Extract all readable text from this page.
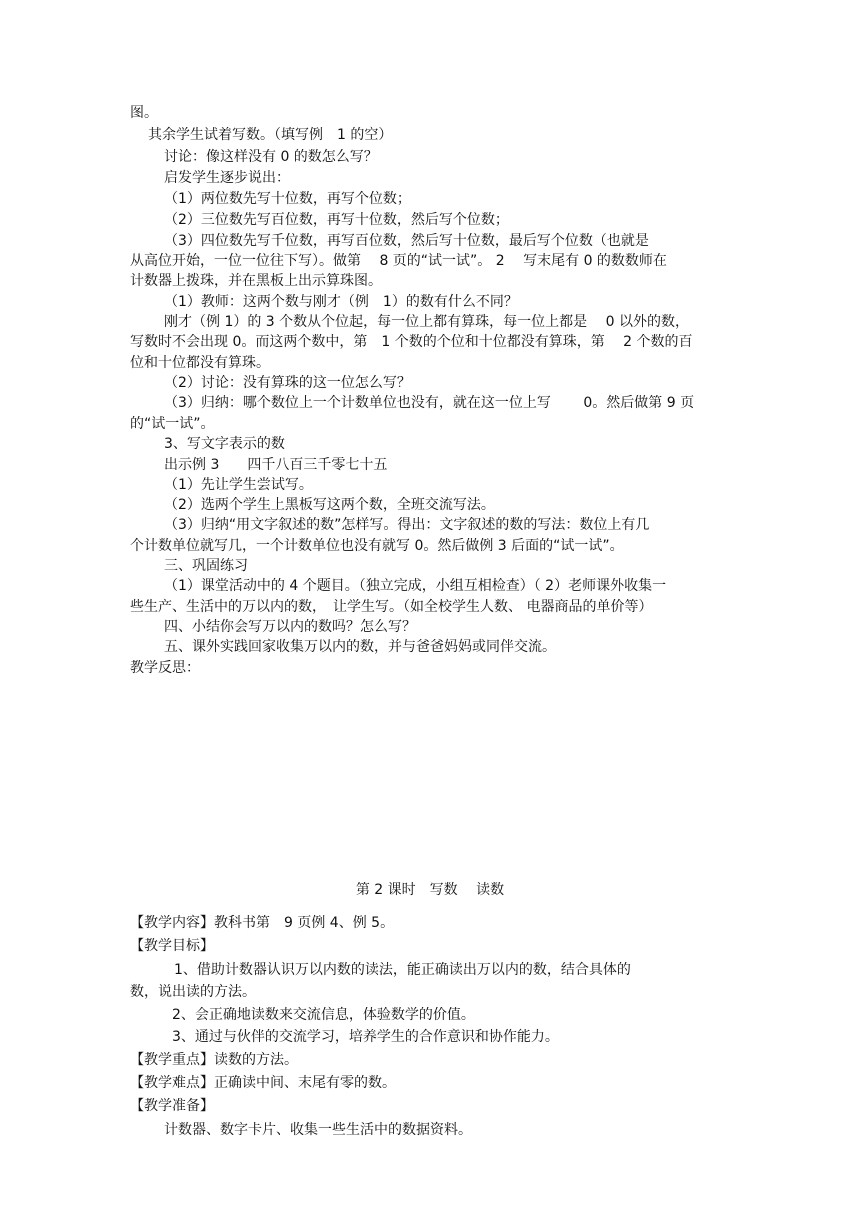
图。
其余学生试着写数。（填写例　1 的空）
讨论：像这样没有 0 的数怎么写？
启发学生逐步说出：
（1）两位数先写十位数，再写个位数；
（2）三位数先写百位数，再写十位数，然后写个位数；
（3）四位数先写千位数，再写百位数，然后写十位数，最后写个位数（也就是
从高位开始，一位一位往下写）。做第　 8 页的“试一试”。 2　 写末尾有 0 的数数师在
计数器上拨珠，并在黑板上出示算珠图。
（1）教师：这两个数与刚才（例　1）的数有什么不同？
刚才（例 1）的 3 个数从个位起，每一位上都有算珠，每一位上都是　 0 以外的数，
写数时不会出现 0。而这两个数中，第　1 个数的个位和十位都没有算珠，第　 2 个数的百
位和十位都没有算珠。
（2）讨论：没有算珠的这一位怎么写？
（3）归纳：哪个数位上一个计数单位也没有，就在这一位上写　　 0。然后做第 9 页
的“试一试”。
3、写文字表示的数
出示例 3　　四千八百三千零七十五
（1）先让学生尝试写。
（2）选两个学生上黑板写这两个数，全班交流写法。
（3）归纳“用文字叙述的数”怎样写。得出：文字叙述的数的写法：数位上有几
个计数单位就写几，一个计数单位也没有就写 0。然后做例 3 后面的“试一试”。
三、巩固练习
（1）课堂活动中的 4 个题目。（独立完成，小组互相检查）（ 2）老师课外收集一
些生产、生活中的万以内的数，　让学生写。（如全校学生人数、 电器商品的单价等）
四、小结你会写万以内的数吗？怎么写？
五、课外实践回家收集万以内的数，并与爸爸妈妈或同伴交流。
教学反思：
第 2 课时　写数　 读数
【教学内容】教科书第　9 页例 4、例 5。
【教学目标】
1、借助计数器认识万以内数的读法，能正确读出万以内的数，结合具体的
数，说出读的方法。
2、会正确地读数来交流信息，体验数学的价值。
3、通过与伙伴的交流学习，培养学生的合作意识和协作能力。
【教学重点】读数的方法。
【教学难点】正确读中间、末尾有零的数。
【教学准备】
计数器、数字卡片、收集一些生活中的数据资料。
